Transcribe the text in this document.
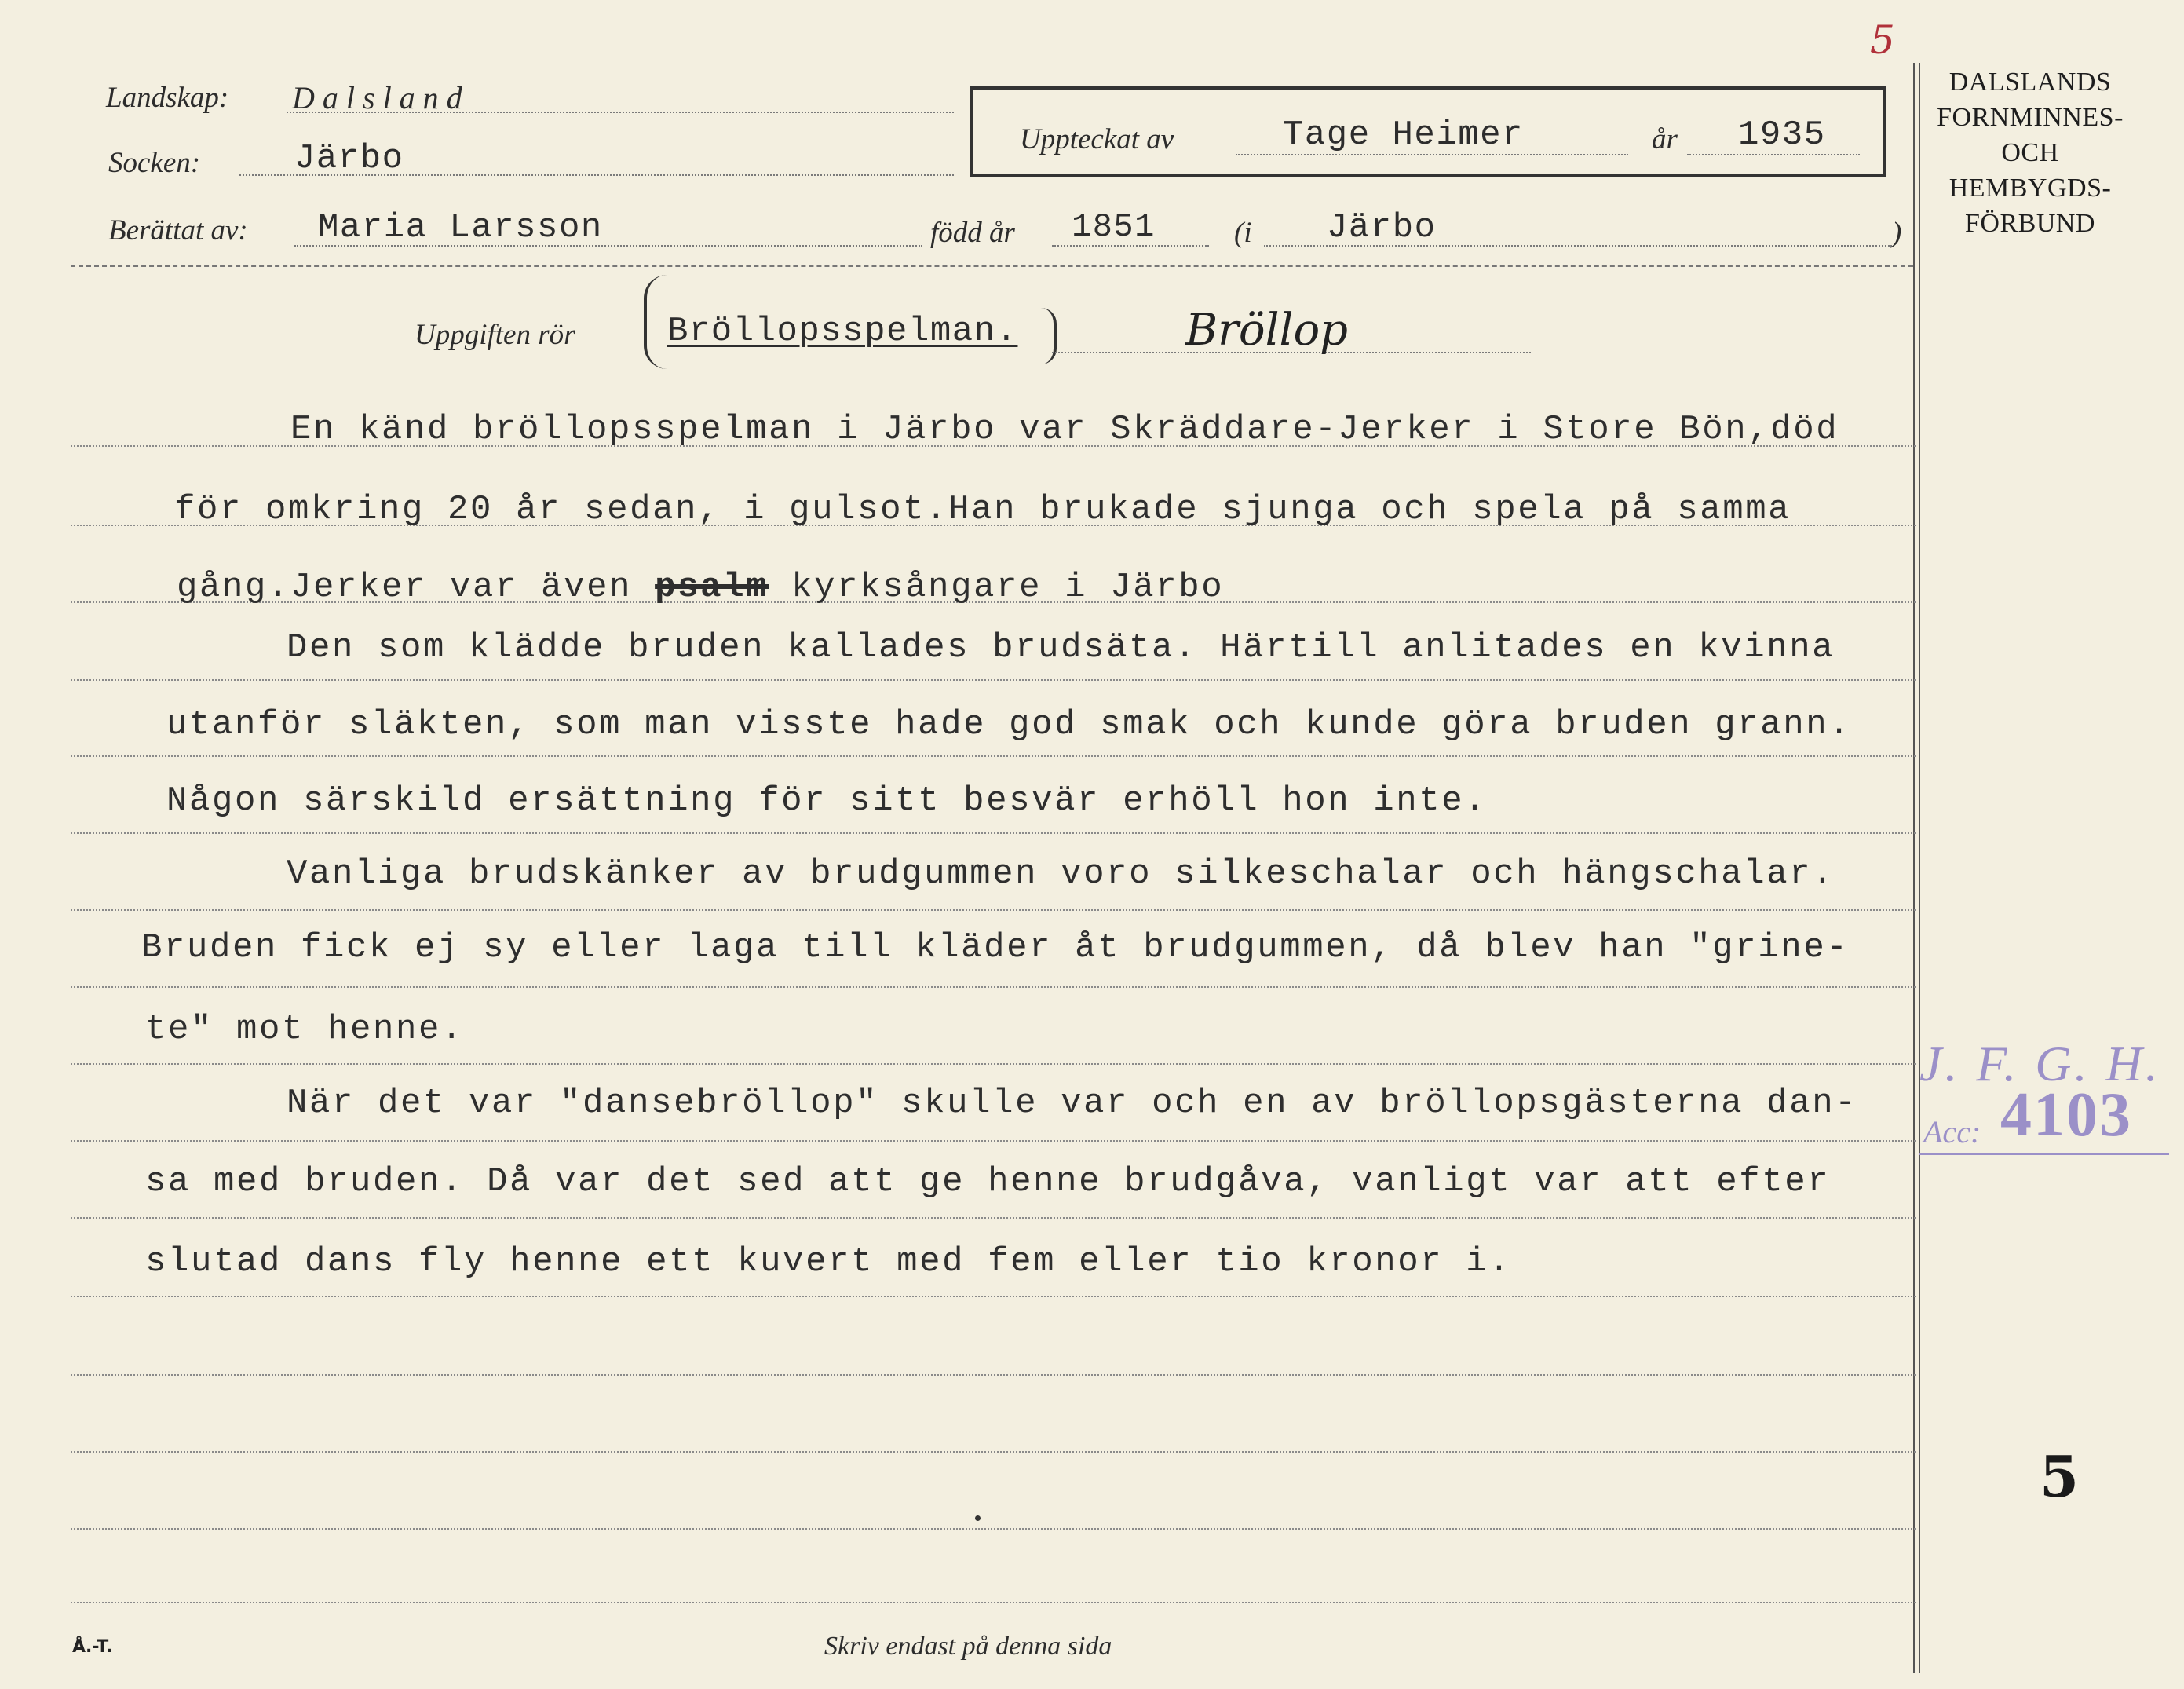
5
Landskap: D a l s l a n d
Socken:	Järbo
Berättat av: Maria Larsson	född år 1851	(i Järbo	)
Uppteckat av	Tage Heimer	år 1935
DALSLANDS
FORNMINNES-
OCH
HEMBYGDS-
FÖRBUND
Uppgiften rör	Bröllopsspelman.	Bröllop
En känd bröllopsspelman i Järbo var Skräddare-Jerker i Store Bön,död
för omkring 20 år sedan, i gulsot.Han brukade sjunga och spela på samma
gång.Jerker var även psalm kyrksångare i Järbo
Den som klädde bruden kallades brudsäta. Härtill anlitades en kvinna
utanför släkten, som man visste hade god smak och kunde göra bruden grann.
Någon särskild ersättning för sitt besvär erhöll hon inte.
Vanliga brudskänker av brudgummen voro silkeschalar och hängschalar.
Bruden fick ej sy eller laga till kläder åt brudgummen, då blev han "grine-
te" mot henne.
När det var "dansebröllop" skulle var och en av bröllopsgästerna dan-
sa med bruden. Då var det sed att ge henne brudgåva, vanligt var att efter
slutad dans fly henne ett kuvert med fem eller tio kronor i.
J. F. G. H.
Acc: 4103
5
Å.-T.	Skriv endast på denna sida
